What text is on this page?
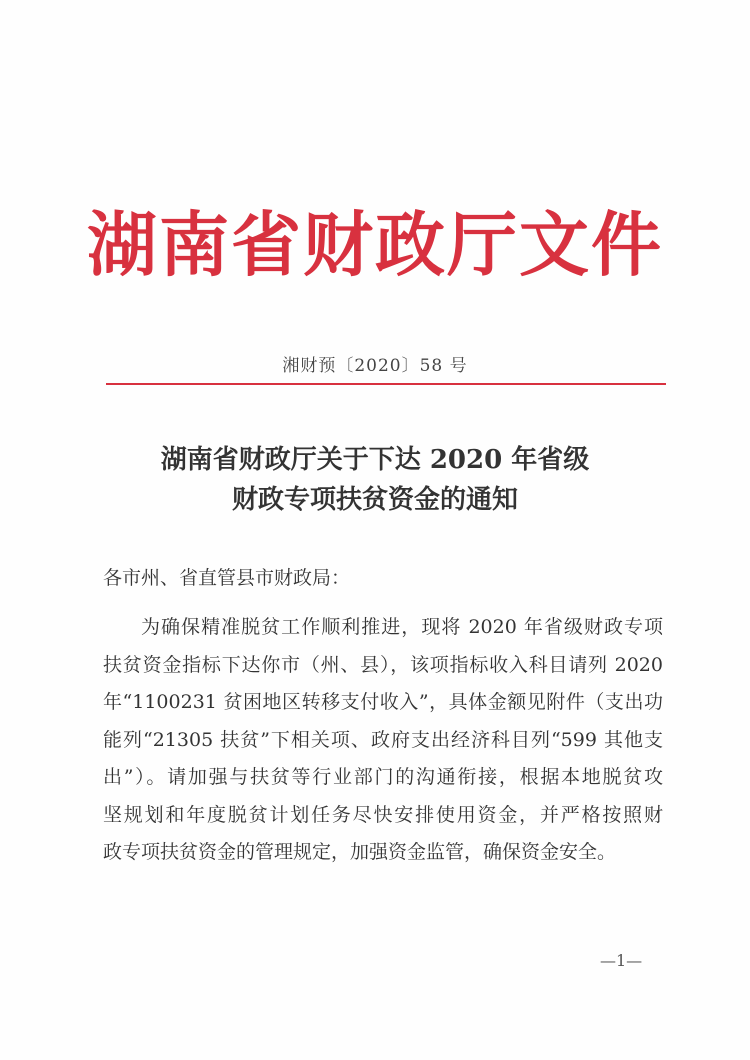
湖南省财政厅文件
湘财预〔2020〕58 号
湖南省财政厅关于下达 2020 年省级
财政专项扶贫资金的通知
各市州、省直管县市财政局：
为确保精准脱贫工作顺利推进，现将 2020 年省级财政专项
扶贫资金指标下达你市（州、县），该项指标收入科目请列 2020
年“1100231 贫困地区转移支付收入”，具体金额见附件（支出功
能列“21305 扶贫”下相关项、政府支出经济科目列“599 其他支
出”）。请加强与扶贫等行业部门的沟通衔接，根据本地脱贫攻
坚规划和年度脱贫计划任务尽快安排使用资金，并严格按照财
政专项扶贫资金的管理规定，加强资金监管，确保资金安全。
—1—
